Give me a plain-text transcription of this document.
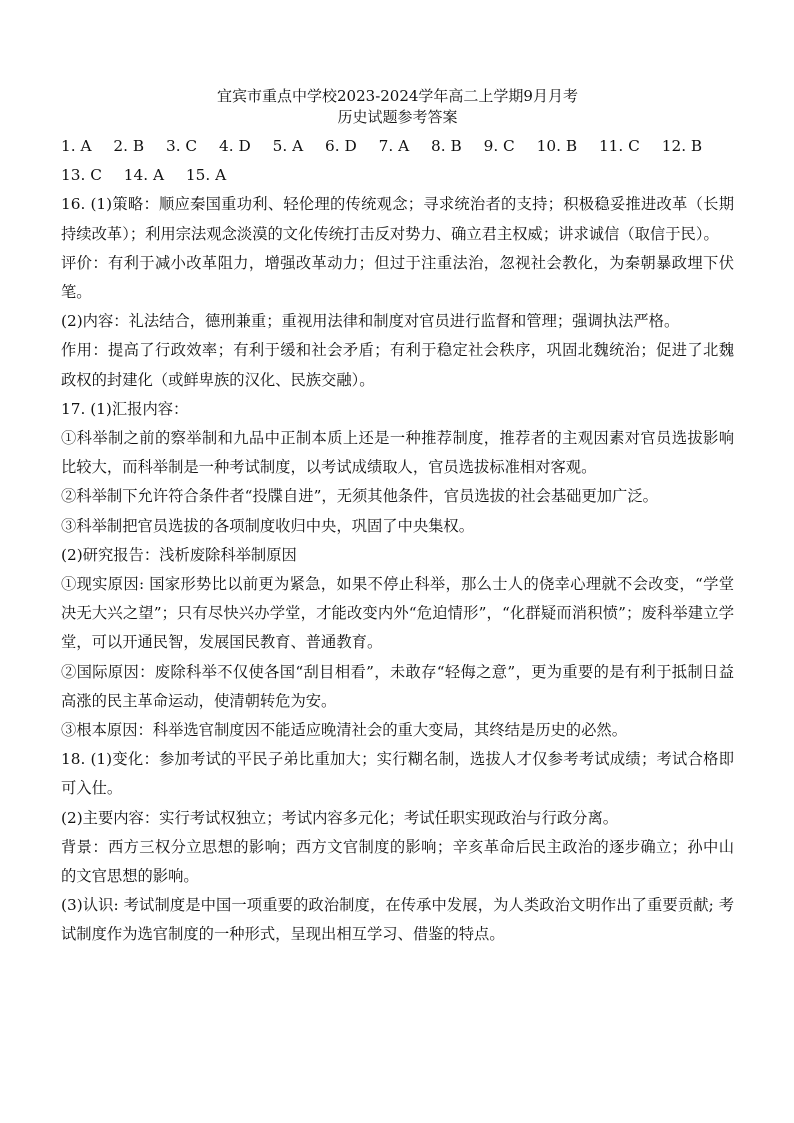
宜宾市重点中学校2023-2024学年高二上学期9月月考
历史试题参考答案
1. A 2. B 3. C 4. D 5. A 6. D 7. A 8. B 9. C 10. B 11. C 12. B
13. C 14. A 15. A

16. (1)策略：顺应秦国重功利、轻伦理的传统观念；寻求统治者的支持；积极稳妥推进改革（长期持续改革）；利用宗法观念淡漠的文化传统打击反对势力、确立君主权威；讲求诚信（取信于民）。

评价：有利于减小改革阻力，增强改革动力；但过于注重法治，忽视社会教化，为秦朝暴政埋下伏笔。

(2)内容：礼法结合，德刑兼重；重视用法律和制度对官员进行监督和管理；强调执法严格。

作用：提高了行政效率；有利于缓和社会矛盾；有利于稳定社会秩序，巩固北魏统治；促进了北魏政权的封建化（或鲜卑族的汉化、民族交融）。

17. (1)汇报内容：

①科举制之前的察举制和九品中正制本质上还是一种推荐制度，推荐者的主观因素对官员选拔影响比较大，而科举制是一种考试制度，以考试成绩取人，官员选拔标准相对客观。

②科举制下允许符合条件者“投牒自进”，无须其他条件，官员选拔的社会基础更加广泛。

③科举制把官员选拔的各项制度收归中央，巩固了中央集权。

(2)研究报告：浅析废除科举制原因

①现实原因: 国家形势比以前更为紧急，如果不停止科举，那么士人的侥幸心理就不会改变，“学堂决无大兴之望”；只有尽快兴办学堂，才能改变内外“危迫情形”，“化群疑而消积愤”；废科举建立学堂，可以开通民智，发展国民教育、普通教育。

②国际原因：废除科举不仅使各国“刮目相看”，未敢存“轻侮之意”，更为重要的是有利于抵制日益高涨的民主革命运动，使清朝转危为安。

③根本原因：科举选官制度因不能适应晚清社会的重大变局，其终结是历史的必然。

18. (1)变化：参加考试的平民子弟比重加大；实行糊名制，选拔人才仅参考考试成绩；考试合格即可入仕。

(2)主要内容：实行考试权独立；考试内容多元化；考试任职实现政治与行政分离。

背景：西方三权分立思想的影响；西方文官制度的影响；辛亥革命后民主政治的逐步确立；孙中山的文官思想的影响。

(3)认识: 考试制度是中国一项重要的政治制度，在传承中发展，为人类政治文明作出了重要贡献; 考试制度作为选官制度的一种形式，呈现出相互学习、借鉴的特点。
